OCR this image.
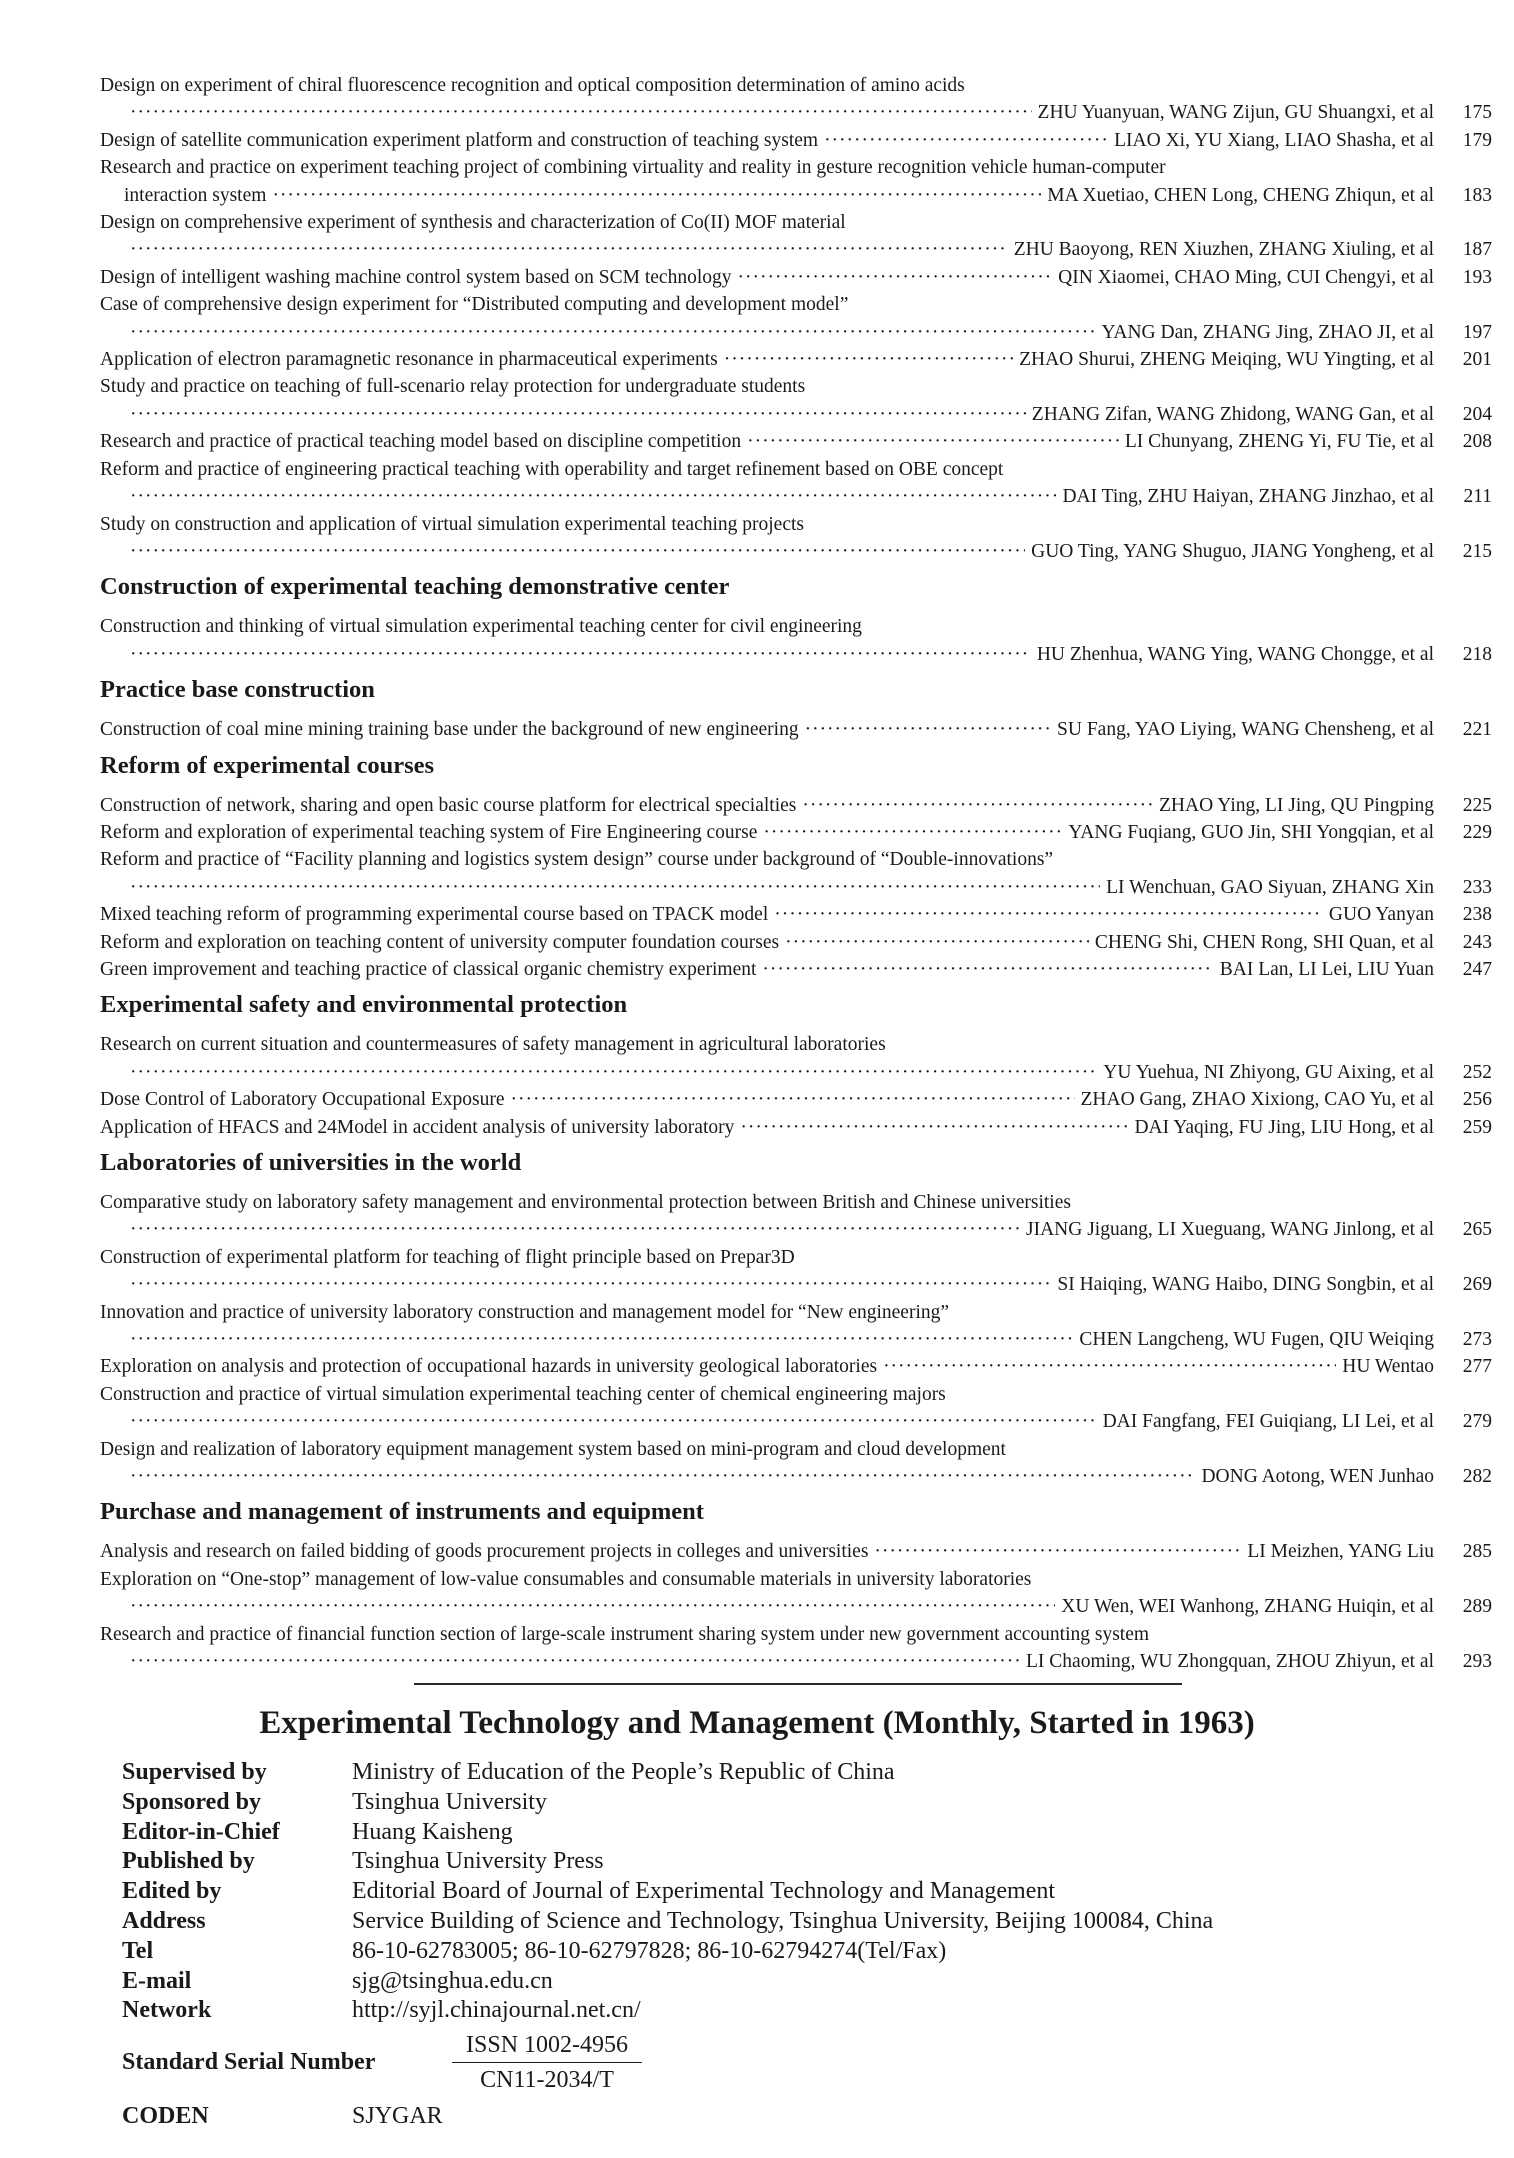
Design on experiment of chiral fluorescence recognition and optical composition determination of amino acids
·····
ZHU Yuanyuan, WANG Zijun, GU Shuangxi, et al	175
Design of satellite communication experiment platform and construction of teaching system ·····	LIAO Xi, YU Xiang, LIAO Shasha, et al	179
Research and practice on experiment teaching project of combining virtuality and reality in gesture recognition vehicle human-computer
interaction system ·····	MA Xuetiao, CHEN Long, CHENG Zhiqun, et al	183
Design on comprehensive experiment of synthesis and characterization of Co(II) MOF material
·····
ZHU Baoyong, REN Xiuzhen, ZHANG Xiuling, et al	187
Design of intelligent washing machine control system based on SCM technology ·····	QIN Xiaomei, CHAO Ming, CUI Chengyi, et al	193
Case of comprehensive design experiment for “Distributed computing and development model”
·····
YANG Dan, ZHANG Jing, ZHAO JI, et al	197
Application of electron paramagnetic resonance in pharmaceutical experiments ·····	ZHAO Shurui, ZHENG Meiqing, WU Yingting, et al	201
Study and practice on teaching of full-scenario relay protection for undergraduate students
·····
ZHANG Zifan, WANG Zhidong, WANG Gan, et al	204
Research and practice of practical teaching model based on discipline competition ·····	LI Chunyang, ZHENG Yi, FU Tie, et al	208
Reform and practice of engineering practical teaching with operability and target refinement based on OBE concept
·····
DAI Ting, ZHU Haiyan, ZHANG Jinzhao, et al	211
Study on construction and application of virtual simulation experimental teaching projects
·····
GUO Ting, YANG Shuguo, JIANG Yongheng, et al	215
Construction of experimental teaching demonstrative center
Construction and thinking of virtual simulation experimental teaching center for civil engineering
·····
HU Zhenhua, WANG Ying, WANG Chongge, et al	218
Practice base construction
Construction of coal mine mining training base under the background of new engineering ·····	SU Fang, YAO Liying, WANG Chensheng, et al	221
Reform of experimental courses
Construction of network, sharing and open basic course platform for electrical specialties ·····	ZHAO Ying, LI Jing, QU Pingping	225
Reform and exploration of experimental teaching system of Fire Engineering course ·····	YANG Fuqiang, GUO Jin, SHI Yongqian, et al	229
Reform and practice of “Facility planning and logistics system design” course under background of “Double-innovations”
·····
LI Wenchuan, GAO Siyuan, ZHANG Xin	233
Mixed teaching reform of programming experimental course based on TPACK model ·····	GUO Yanyan	238
Reform and exploration on teaching content of university computer foundation courses ·····	CHENG Shi, CHEN Rong, SHI Quan, et al	243
Green improvement and teaching practice of classical organic chemistry experiment ·····	BAI Lan, LI Lei, LIU Yuan	247
Experimental safety and environmental protection
Research on current situation and countermeasures of safety management in agricultural laboratories
·····
YU Yuehua, NI Zhiyong, GU Aixing, et al	252
Dose Control of Laboratory Occupational Exposure ·····	ZHAO Gang, ZHAO Xixiong, CAO Yu, et al	256
Application of HFACS and 24Model in accident analysis of university laboratory ·····	DAI Yaqing, FU Jing, LIU Hong, et al	259
Laboratories of universities in the world
Comparative study on laboratory safety management and environmental protection between British and Chinese universities
·····
JIANG Jiguang, LI Xueguang, WANG Jinlong, et al	265
Construction of experimental platform for teaching of flight principle based on Prepar3D
·····
SI Haiqing, WANG Haibo, DING Songbin, et al	269
Innovation and practice of university laboratory construction and management model for “New engineering”
·····
CHEN Langcheng, WU Fugen, QIU Weiqing	273
Exploration on analysis and protection of occupational hazards in university geological laboratories ·····	HU Wentao	277
Construction and practice of virtual simulation experimental teaching center of chemical engineering majors
·····
DAI Fangfang, FEI Guiqiang, LI Lei, et al	279
Design and realization of laboratory equipment management system based on mini-program and cloud development
·····
DONG Aotong, WEN Junhao	282
Purchase and management of instruments and equipment
Analysis and research on failed bidding of goods procurement projects in colleges and universities ·····	LI Meizhen, YANG Liu	285
Exploration on “One-stop” management of low-value consumables and consumable materials in university laboratories
·····
XU Wen, WEI Wanhong, ZHANG Huiqin, et al	289
Research and practice of financial function section of large-scale instrument sharing system under new government accounting system
·····
LI Chaoming, WU Zhongquan, ZHOU Zhiyun, et al	293
Experimental Technology and Management (Monthly, Started in 1963)
Supervised by	Ministry of Education of the People’s Republic of China
Sponsored by	Tsinghua University
Editor-in-Chief	Huang Kaisheng
Published by	Tsinghua University Press
Edited by	Editorial Board of Journal of Experimental Technology and Management
Address	Service Building of Science and Technology, Tsinghua University, Beijing 100084, China
Tel	86-10-62783005; 86-10-62797828; 86-10-62794274(Tel/Fax)
E-mail	sjg@tsinghua.edu.cn
Network	http://syjl.chinajournal.net.cn/
Standard Serial Number	$\frac{\text{ISSN 1002-4956}}{CN11-2034/T}$
CODEN	SJYGAR
